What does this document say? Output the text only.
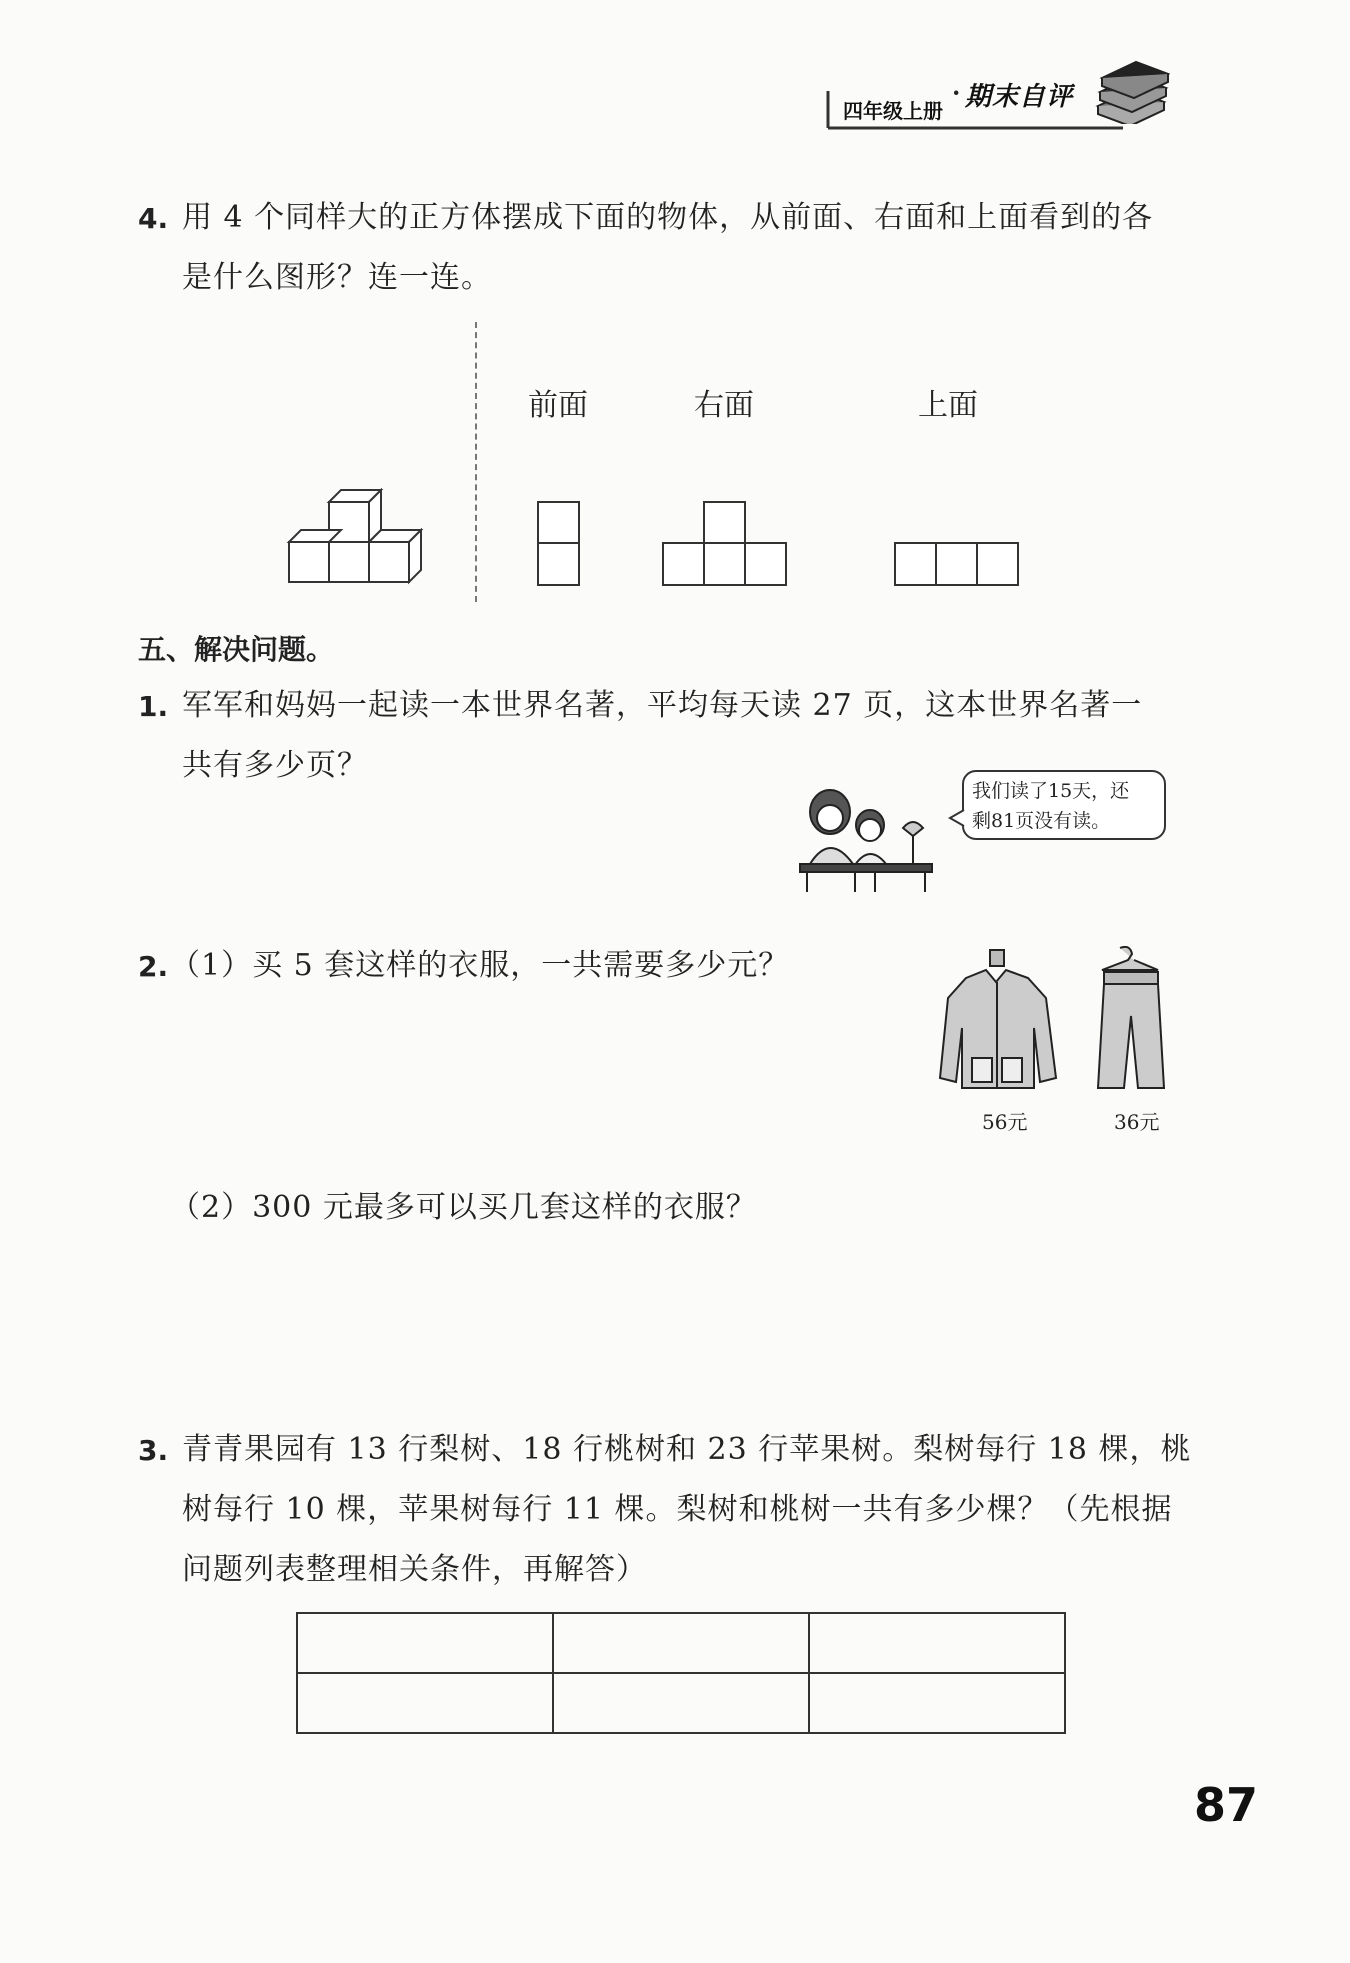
四年级上册
· 期末自评
4. 用 4 个同样大的正方体摆成下面的物体，从前面、右面和上面看到的各
是什么图形？连一连。
前面	右面	上面
五、解决问题。
1. 军军和妈妈一起读一本世界名著，平均每天读 27 页，这本世界名著一
共有多少页？
我们读了15天，还
剩81页没有读。
2. （1）买 5 套这样的衣服，一共需要多少元？
56元	36元
（2）300 元最多可以买几套这样的衣服？
3. 青青果园有 13 行梨树、18 行桃树和 23 行苹果树。梨树每行 18 棵，桃
树每行 10 棵，苹果树每行 11 棵。梨树和桃树一共有多少棵？（先根据
问题列表整理相关条件，再解答）

87
